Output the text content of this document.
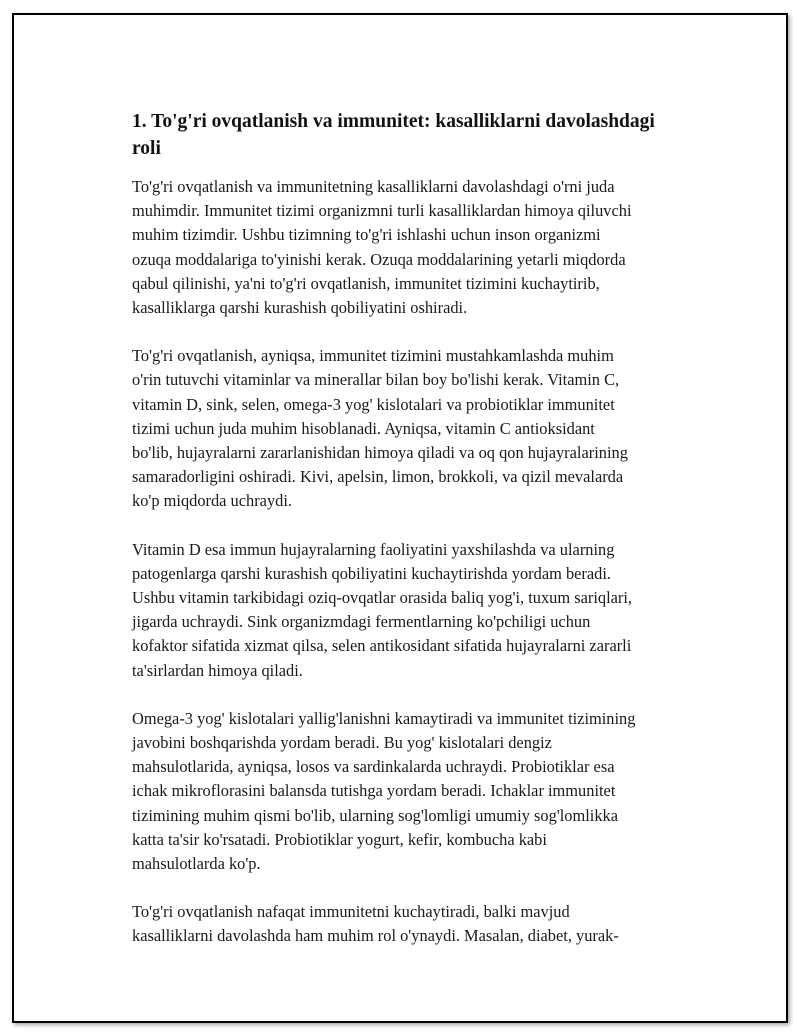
1. To'g'ri ovqatlanish va immunitet: kasalliklarni davolashdagi
roli

To'g'ri ovqatlanish va immunitetning kasalliklarni davolashdagi o'rni juda
muhimdir. Immunitet tizimi organizmni turli kasalliklardan himoya qiluvchi
muhim tizimdir. Ushbu tizimning to'g'ri ishlashi uchun inson organizmi
ozuqa moddalariga to'yinishi kerak. Ozuqa moddalarining yetarli miqdorda
qabul qilinishi, ya'ni to'g'ri ovqatlanish, immunitet tizimini kuchaytirib,
kasalliklarga qarshi kurashish qobiliyatini oshiradi.

To'g'ri ovqatlanish, ayniqsa, immunitet tizimini mustahkamlashda muhim
o'rin tutuvchi vitaminlar va minerallar bilan boy bo'lishi kerak. Vitamin C,
vitamin D, sink, selen, omega-3 yog' kislotalari va probiotiklar immunitet
tizimi uchun juda muhim hisoblanadi. Ayniqsa, vitamin C antioksidant
bo'lib, hujayralarni zararlanishidan himoya qiladi va oq qon hujayralarining
samaradorligini oshiradi. Kivi, apelsin, limon, brokkoli, va qizil mevalarda
ko'p miqdorda uchraydi.

Vitamin D esa immun hujayralarning faoliyatini yaxshilashda va ularning
patogenlarga qarshi kurashish qobiliyatini kuchaytirishda yordam beradi.
Ushbu vitamin tarkibidagi oziq-ovqatlar orasida baliq yog'i, tuxum sariqlari,
jigarda uchraydi. Sink organizmdagi fermentlarning ko'pchiligi uchun
kofaktor sifatida xizmat qilsa, selen antikosidant sifatida hujayralarni zararli
ta'sirlardan himoya qiladi.

Omega-3 yog' kislotalari yallig'lanishni kamaytiradi va immunitet tizimining
javobini boshqarishda yordam beradi. Bu yog' kislotalari dengiz
mahsulotlarida, ayniqsa, losos va sardinkalarda uchraydi. Probiotiklar esa
ichak mikroflorasini balansda tutishga yordam beradi. Ichaklar immunitet
tizimining muhim qismi bo'lib, ularning sog'lomligi umumiy sog'lomlikka
katta ta'sir ko'rsatadi. Probiotiklar yogurt, kefir, kombucha kabi
mahsulotlarda ko'p.

To'g'ri ovqatlanish nafaqat immunitetni kuchaytiradi, balki mavjud
kasalliklarni davolashda ham muhim rol o'ynaydi. Masalan, diabet, yurak-
